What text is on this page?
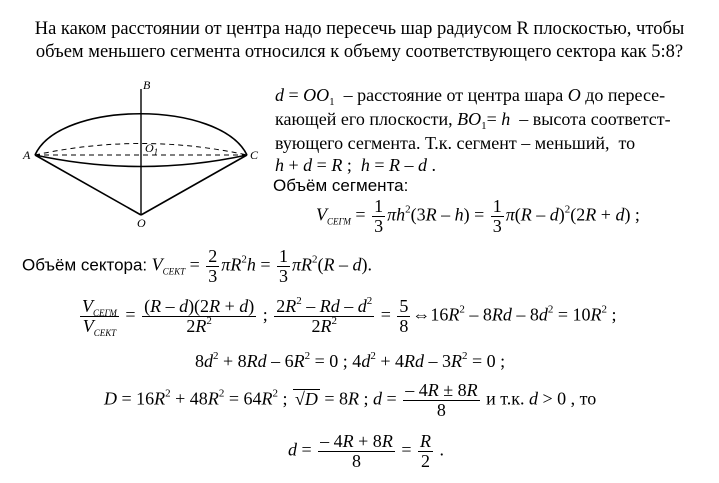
На каком расстоянии от центра надо пересечь шар радиусом R плоскостью, чтобы
объем меньшего сегмента относился к объему соответствующего сектора как 5:8?
B
A	C
$O_1$
O
$d = OO_1$  – расстояние от центра шара O до пересе-
кающей его плоскости, $BO_1= h$  – высота соответст-
вующего сегмента. Т.к. сегмент – меньший,  то
h + d = R ;  h = R – d .
Объём сегмента:
$V_{СЕГМ} = \frac{1}{3} \pi h^2(3R - h) = \frac{1}{3} \pi(R - d)^2(2R + d)$ ;
Объём сектора: $V_{СЕКТ} = \frac{2}{3} \pi R^2h = \frac{1}{3} \pi R^2(R - d)$.
$\frac{V_{СЕГМ}}{V_{СЕКТ}} = \frac{(R - d)(2R + d)}{2R^2}$ ; $\frac{2R^2 - Rd - d^2}{2R^2} = \frac{5}{8}$ $\Leftrightarrow 16R^2 - 8Rd - 8d^2 = 10R^2$ ;
$8d^2 + 8Rd - 6R^2 = 0$ ; $4d^2 + 4Rd - 3R^2 = 0$ ;
$D = 16R^2 + 48R^2 = 64R^2$ ; √D = 8R ; $d = \frac{- 4R \pm 8R}{8}$ и т.к. d > 0 , то
$d = \frac{- 4R + 8R}{8} = \frac{R}{2}$ .
